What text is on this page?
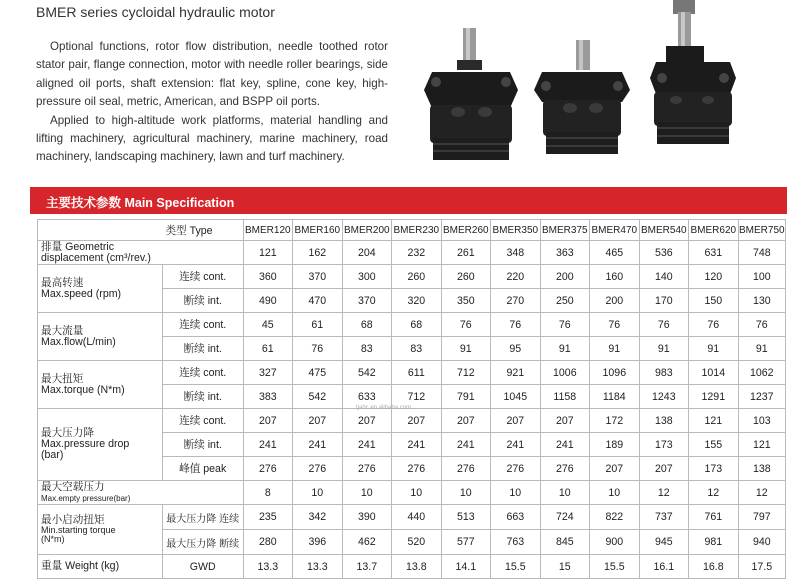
BMER series cycloidal hydraulic motor

Optional functions, rotor flow distribution, needle toothed rotor stator pair, flange connection, motor with needle roller bearings, side aligned oil ports, shaft extension: flat key, spline, cone key, high-pressure oil seal, metric, American, and BSPP oil ports.

Applied to high-altitude work platforms, material handling and lifting machinery, agricultural machinery, marine machinery, road machinery, landscaping machinery, lawn and turf machinery.

主要技术参数 Main Specification
类型 Type		BMER120	BMER160	BMER200	BMER230	BMER260	BMER350	BMER375	BMER470	BMER540	BMER620	BMER750

排量 Geometric
displacement (cm³/rev.)		121	162	204	232	261	348	363	465	536	631	748

最高转速
Max.speed (rpm)	连续 cont.	360	370	300	260	260	220	200	160	140	120	100
	断续 int.	490	470	370	320	350	270	250	200	170	150	130

最大流量
Max.flow(L/min)	连续 cont.	45	61	68	68	76	76	76	76	76	76	76
	断续 int.	61	76	83	83	91	95	91	91	91	91	91

最大扭矩
Max.torque (N*m)	连续 cont.	327	475	542	611	712	921	1006	1096	983	1014	1062
	断续 int.	383	542	633	712	791	1045	1158	1184	1243	1291	1237

最大压力降
Max.pressure drop
(bar)	连续 cont.	207	207	207	207	207	207	207	172	138	121	103
	断续 int.	241	241	241	241	241	241	241	189	173	155	121
	峰值 peak	276	276	276	276	276	276	276	207	207	173	138

最大空载压力
Max.empty pressure(bar)		8	10	10	10	10	10	10	10	12	12	12

最小启动扭矩
Min.starting torque
(N*m)	最大压力降 连续	235	342	390	440	513	663	724	822	737	761	797
	最大压力降 断续	280	396	462	520	577	763	845	900	945	981	940
重量 Weight (kg)	GWD	13.3	13.3	13.7	13.8	14.1	15.5	15	15.5	16.1	16.8	17.5
tjabc.en.alibaba.com
